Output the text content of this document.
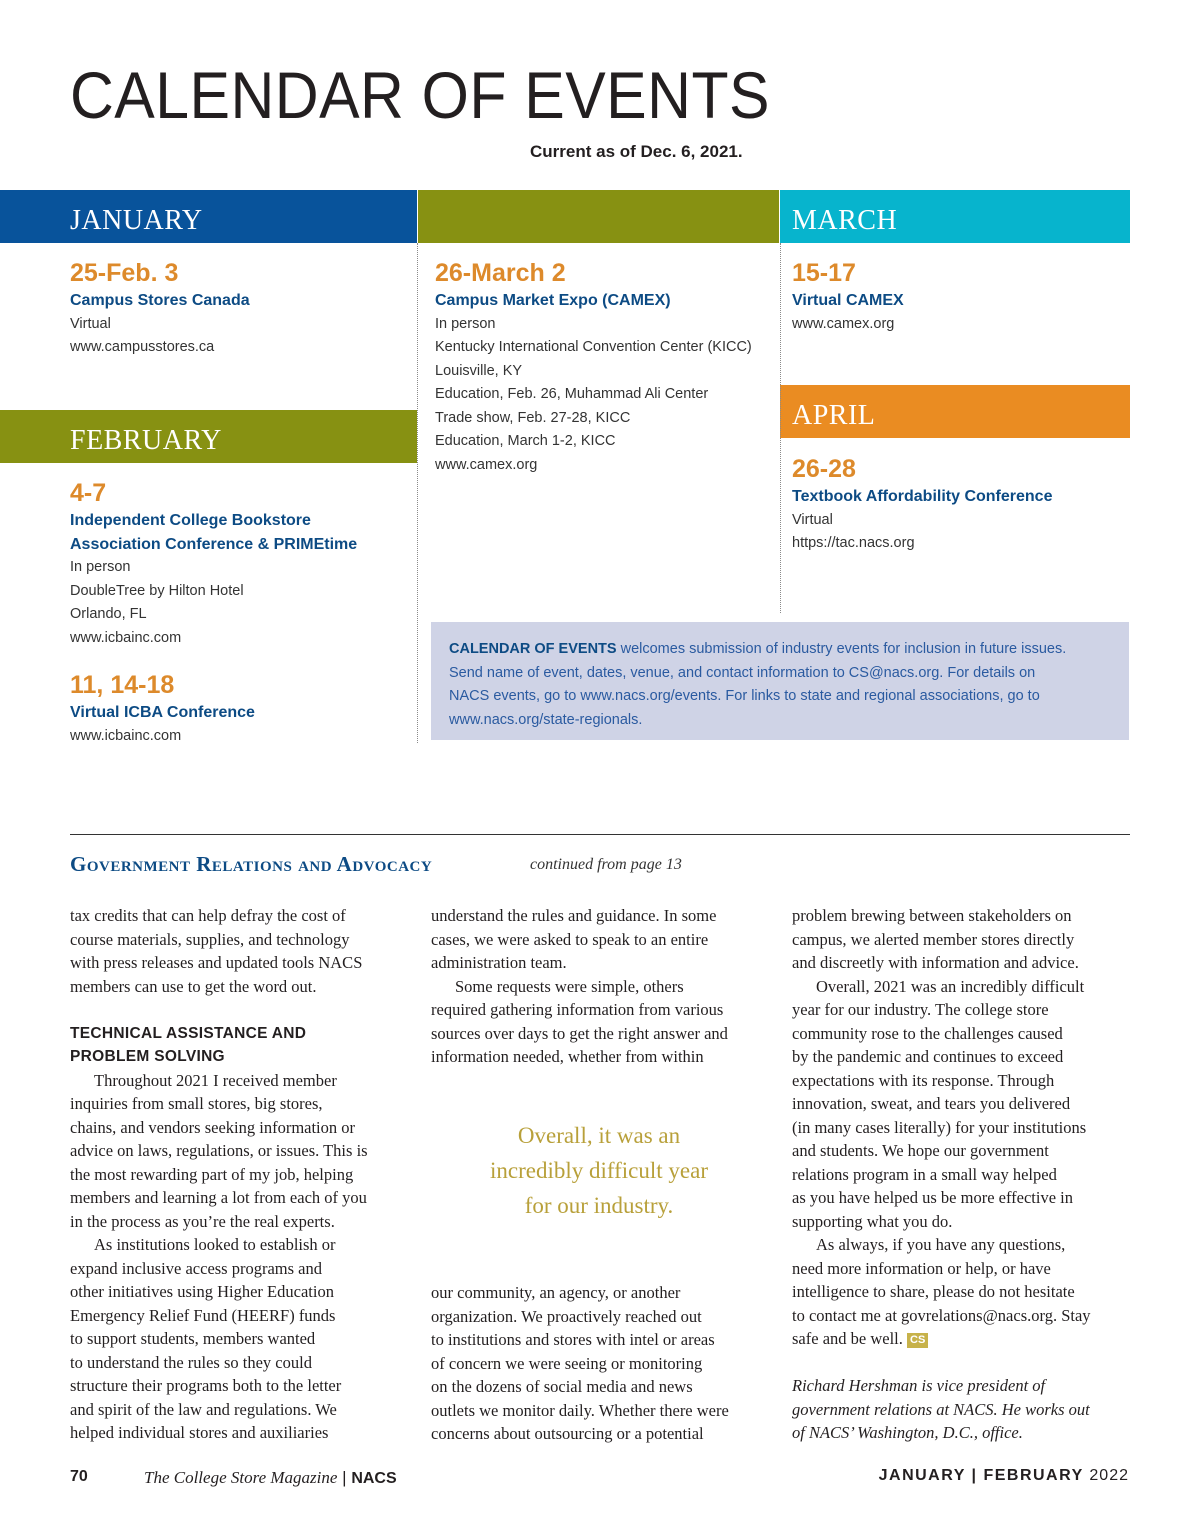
CALENDAR OF EVENTS
Current as of Dec. 6, 2021.
JANUARY	MARCH
FEBRUARY
APRIL
25-Feb. 3
Campus Stores Canada
Virtual
www.campusstores.ca
4-7
Independent College Bookstore
Association Conference & PRIMEtime
In person
DoubleTree by Hilton Hotel
Orlando, FL
www.icbainc.com
11, 14-18
Virtual ICBA Conference
www.icbainc.com
26-March 2
Campus Market Expo (CAMEX)
In person
Kentucky International Convention Center (KICC)
Louisville, KY
Education, Feb. 26, Muhammad Ali Center
Trade show, Feb. 27-28, KICC
Education, March 1-2, KICC
www.camex.org
15-17
Virtual CAMEX
www.camex.org
26-28
Textbook Affordability Conference
Virtual
https://tac.nacs.org
CALENDAR OF EVENTS welcomes submission of industry events for inclusion in future issues.
Send name of event, dates, venue, and contact information to CS@nacs.org. For details on
NACS events, go to www.nacs.org/events. For links to state and regional associations, go to
www.nacs.org/state-regionals.
Government Relations and Advocacy	continued from page 13
tax credits that can help defray the cost of
course materials, supplies, and technology
with press releases and updated tools NACS
members can use to get the word out.
TECHNICAL ASSISTANCE AND
PROBLEM SOLVING
Throughout 2021 I received member
inquiries from small stores, big stores,
chains, and vendors seeking information or
advice on laws, regulations, or issues. This is
the most rewarding part of my job, helping
members and learning a lot from each of you
in the process as you’re the real experts.
As institutions looked to establish or
expand inclusive access programs and
other initiatives using Higher Education
Emergency Relief Fund (HEERF) funds
to support students, members wanted
to understand the rules so they could
structure their programs both to the letter
and spirit of the law and regulations. We
helped individual stores and auxiliaries
understand the rules and guidance. In some
cases, we were asked to speak to an entire
administration team.
Some requests were simple, others
required gathering information from various
sources over days to get the right answer and
information needed, whether from within
Overall, it was an
incredibly difficult year
for our industry.
our community, an agency, or another
organization. We proactively reached out
to institutions and stores with intel or areas
of concern we were seeing or monitoring
on the dozens of social media and news
outlets we monitor daily. Whether there were
concerns about outsourcing or a potential
problem brewing between stakeholders on
campus, we alerted member stores directly
and discreetly with information and advice.
Overall, 2021 was an incredibly difficult
year for our industry. The college store
community rose to the challenges caused
by the pandemic and continues to exceed
expectations with its response. Through
innovation, sweat, and tears you delivered
(in many cases literally) for your institutions
and students. We hope our government
relations program in a small way helped
as you have helped us be more effective in
supporting what you do.
As always, if you have any questions,
need more information or help, or have
intelligence to share, please do not hesitate
to contact me at govrelations@nacs.org. Stay
safe and be well. CS
Richard Hershman is vice president of
government relations at NACS. He works out
of NACS’ Washington, D.C., office.
70	The College Store Magazine | NACS	JANUARY | FEBRUARY 2022
